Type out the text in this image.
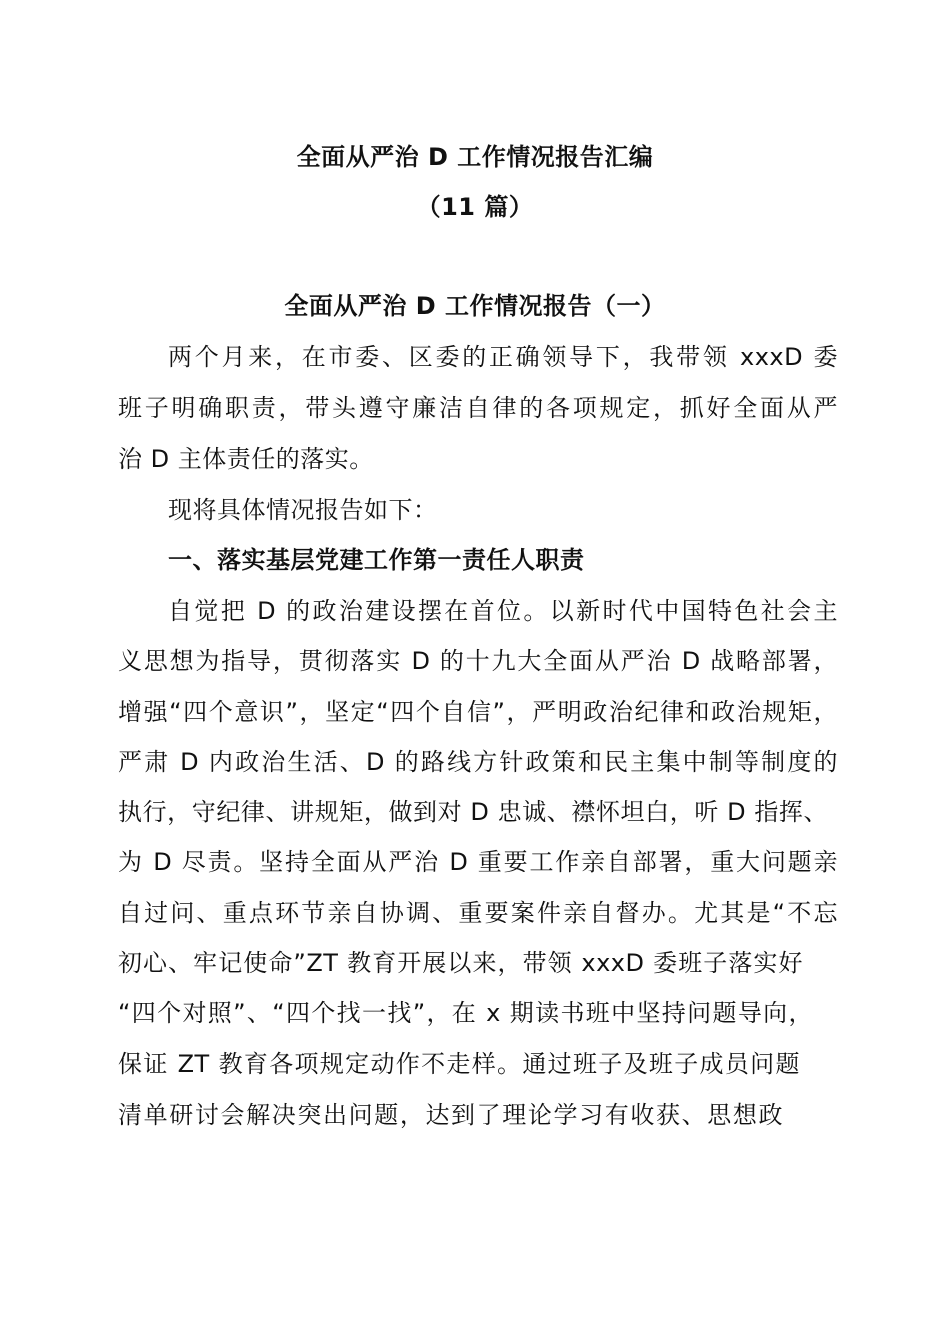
全面从严治 D 工作情况报告汇编
（11 篇）
全面从严治 D 工作情况报告（一）
两个月来，在市委、区委的正确领导下，我带领 xxxD 委
班子明确职责，带头遵守廉洁自律的各项规定，抓好全面从严
治 D 主体责任的落实。
现将具体情况报告如下：
一、落实基层党建工作第一责任人职责
自觉把 D 的政治建设摆在首位。以新时代中国特色社会主
义思想为指导，贯彻落实 D 的十九大全面从严治 D 战略部署，
增强“四个意识”，坚定“四个自信”，严明政治纪律和政治规矩，
严肃 D 内政治生活、D 的路线方针政策和民主集中制等制度的
执行，守纪律、讲规矩，做到对 D 忠诚、襟怀坦白，听 D 指挥、
为 D 尽责。坚持全面从严治 D 重要工作亲自部署，重大问题亲
自过问、重点环节亲自协调、重要案件亲自督办。尤其是“不忘
初心、牢记使命”ZT 教育开展以来，带领 xxxD 委班子落实好
“四个对照”、“四个找一找”，在 x 期读书班中坚持问题导向，
保证 ZT 教育各项规定动作不走样。通过班子及班子成员问题
清单研讨会解决突出问题，达到了理论学习有收获、思想政
